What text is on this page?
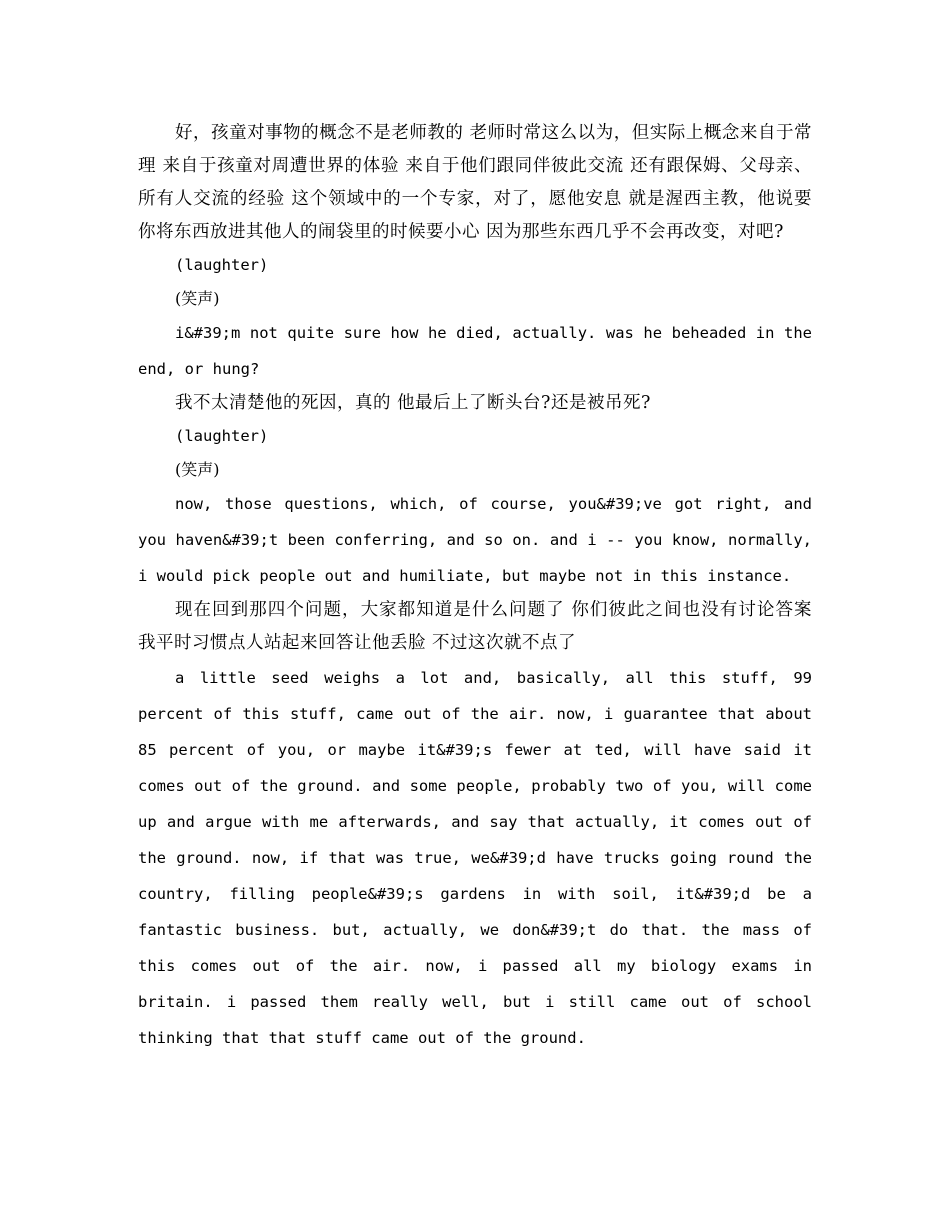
好，孩童对事物的概念不是老师教的 老师时常这么以为，但实际上概念来自于常理 来自于孩童对周遭世界的体验 来自于他们跟同伴彼此交流 还有跟保姆、父母亲、所有人交流的经验 这个领域中的一个专家，对了，愿他安息 就是渥西主教，他说要你将东西放进其他人的闹袋里的时候要小心 因为那些东西几乎不会再改变，对吧?

(laughter)

(笑声)

i&#39;m not quite sure how he died, actually. was he beheaded in the end, or hung?

我不太清楚他的死因，真的 他最后上了断头台?还是被吊死?

(laughter)

(笑声)

now, those questions, which, of course, you&#39;ve got right, and you haven&#39;t been conferring, and so on. and i -- you know, normally, i would pick people out and humiliate, but maybe not in this instance.

现在回到那四个问题，大家都知道是什么问题了 你们彼此之间也没有讨论答案 我平时习惯点人站起来回答让他丢脸 不过这次就不点了

a little seed weighs a lot and, basically, all this stuff, 99 percent of this stuff, came out of the air. now, i guarantee that about 85 percent of you, or maybe it&#39;s fewer at ted, will have said it comes out of the ground. and some people, probably two of you, will come up and argue with me afterwards, and say that actually, it comes out of the ground. now, if that was true, we&#39;d have trucks going round the country, filling people&#39;s gardens in with soil, it&#39;d be a fantastic business. but, actually, we don&#39;t do that. the mass of this comes out of the air. now, i passed all my biology exams in britain. i passed them really well, but i still came out of school thinking that that stuff came out of the ground.
